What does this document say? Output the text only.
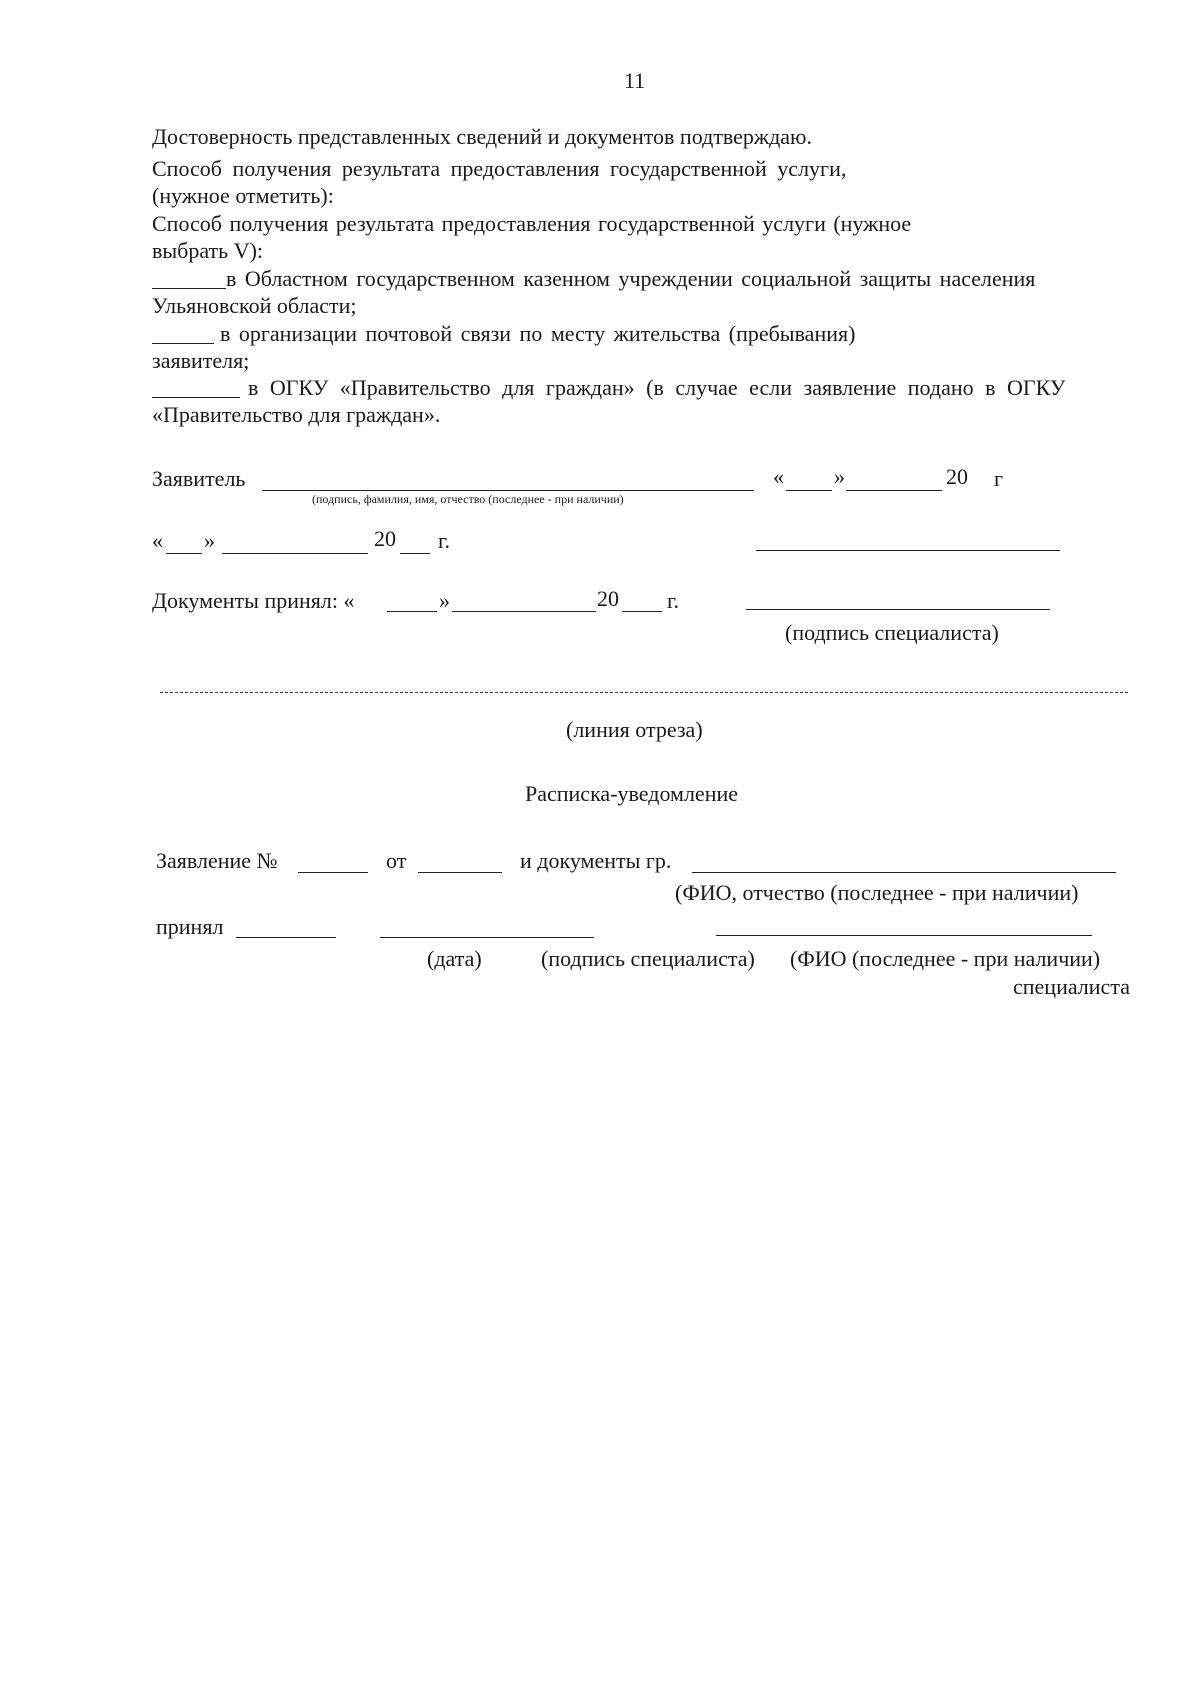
11
Достоверность представленных сведений и документов подтверждаю.
Способ получения результата предоставления государственной услуги,
(нужное отметить):
Способ получения результата предоставления государственной услуги (нужное
выбрать V):
в Областном государственном казенном учреждении социальной защиты населения
Ульяновской области;
в организации почтовой связи по месту жительства (пребывания)
заявителя;
в ОГКУ «Правительство для граждан» (в случае если заявление подано в ОГКУ
«Правительство для граждан».
Заявитель
(подпись, фамилия, имя, отчество (последнее - при наличии)
« »	20 г
« »	20 г.
Документы принял: «	»	20 г.
(подпись специалиста)
(линия отреза)
Расписка-уведомление
Заявление №	от	и документы гр.
(ФИО, отчество (последнее - при наличии)
принял
(дата)	(подпись специалиста) (ФИО (последнее - при наличии)
специалиста
